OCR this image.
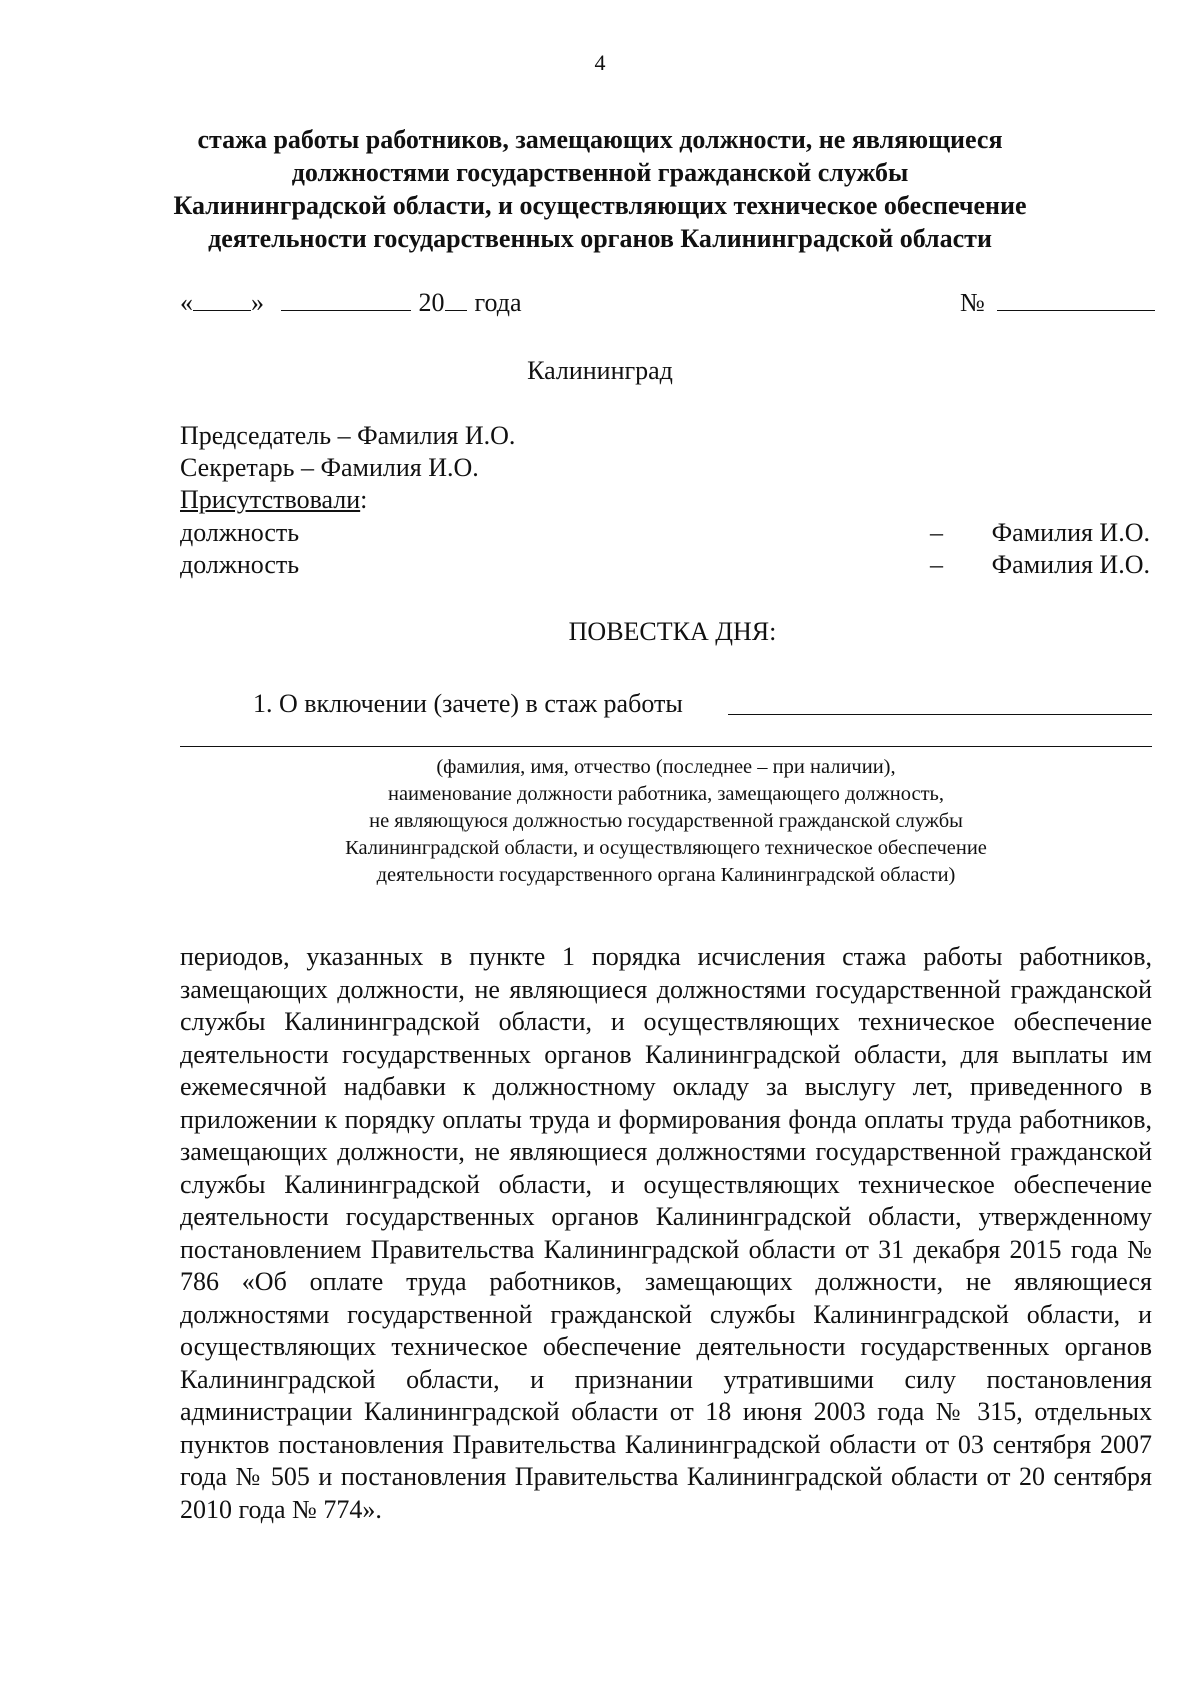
4
стажа работы работников, замещающих должности, не являющиеся
должностями государственной гражданской службы
Калининградской области, и осуществляющих техническое обеспечение
деятельности государственных органов Калининградской области
« »	20 года	№
Калининград
Председатель – Фамилия И.О.
Секретарь – Фамилия И.О.
Присутствовали:
должность	– Фамилия И.О.
должность	– Фамилия И.О.
ПОВЕСТКА ДНЯ:
1. О включении (зачете) в стаж работы
(фамилия, имя, отчество (последнее – при наличии),
наименование должности работника, замещающего должность,
не являющуюся должностью государственной гражданской службы
Калининградской области, и осуществляющего техническое обеспечение
деятельности государственного органа Калининградской области)
периодов, указанных в пункте 1 порядка исчисления стажа работы работников, замещающих должности, не являющиеся должностями государственной гражданской службы Калининградской области, и осуществляющих техническое обеспечение деятельности государственных органов Калининградской области, для выплаты им ежемесячной надбавки к должностному окладу за выслугу лет, приведенного в приложении к порядку оплаты труда и формирования фонда оплаты труда работников, замещающих должности, не являющиеся должностями государственной гражданской службы Калининградской области, и осуществляющих техническое обеспечение деятельности государственных органов Калининградской области, утвержденному постановлением Правительства Калининградской области от 31 декабря 2015 года № 786 «Об оплате труда работников, замещающих должности, не являющиеся должностями государственной гражданской службы Калининградской области, и осуществляющих техническое обеспечение деятельности государственных органов Калининградской области, и признании утратившими силу постановления администрации Калининградской области от 18 июня 2003 года № 315, отдельных пунктов постановления Правительства Калининградской области от 03 сентября 2007 года № 505 и постановления Правительства Калининградской области от 20 сентября 2010 года № 774».
